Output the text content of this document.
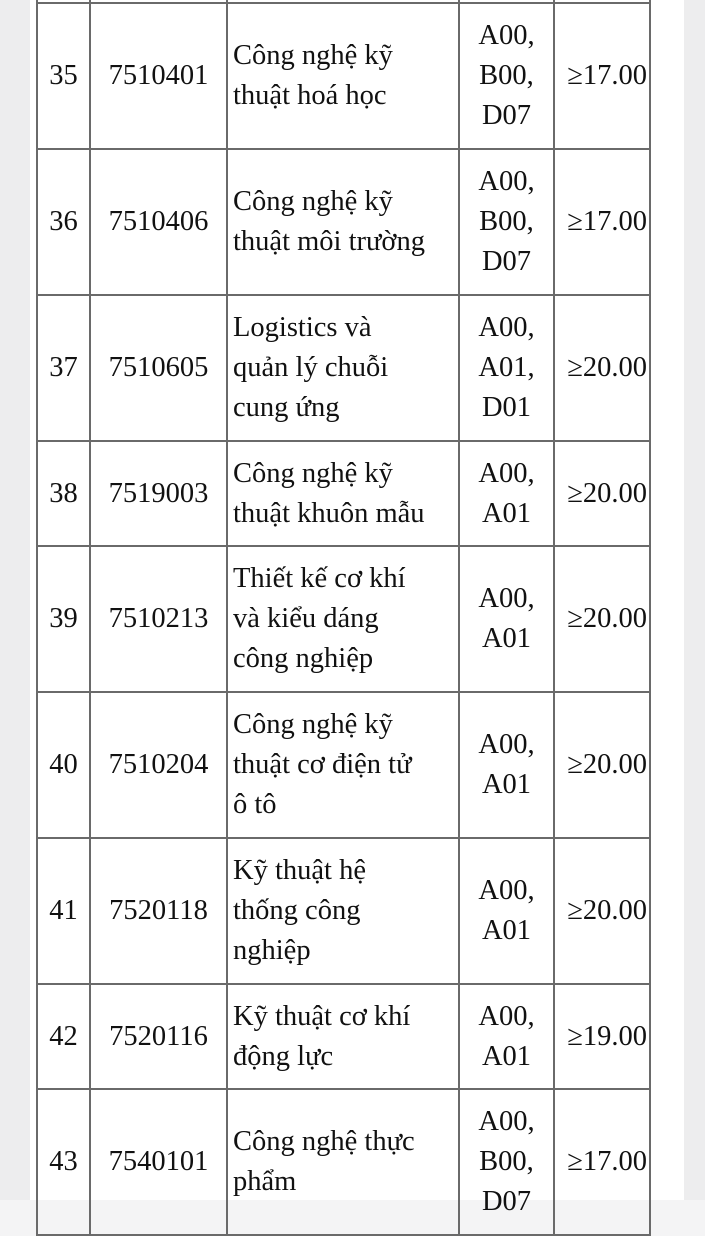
35	7510401	Công nghệ kỹ
thuật hoá học	A00,
B00,
D07	≥17.00
36	7510406	Công nghệ kỹ
thuật môi trường	A00,
B00,
D07	≥17.00
37	7510605	Logistics và
quản lý chuỗi
cung ứng	A00,
A01,
D01	≥20.00
38	7519003	Công nghệ kỹ
thuật khuôn mẫu	A00,
A01	≥20.00
39	7510213	Thiết kế cơ khí
và kiểu dáng
công nghiệp	A00,
A01	≥20.00
40	7510204	Công nghệ kỹ
thuật cơ điện tử
ô tô	A00,
A01	≥20.00
41	7520118	Kỹ thuật hệ
thống công
nghiệp	A00,
A01	≥20.00
42	7520116	Kỹ thuật cơ khí
động lực	A00,
A01	≥19.00
43	7540101	Công nghệ thực
phẩm	A00,
B00,
D07	≥17.00
